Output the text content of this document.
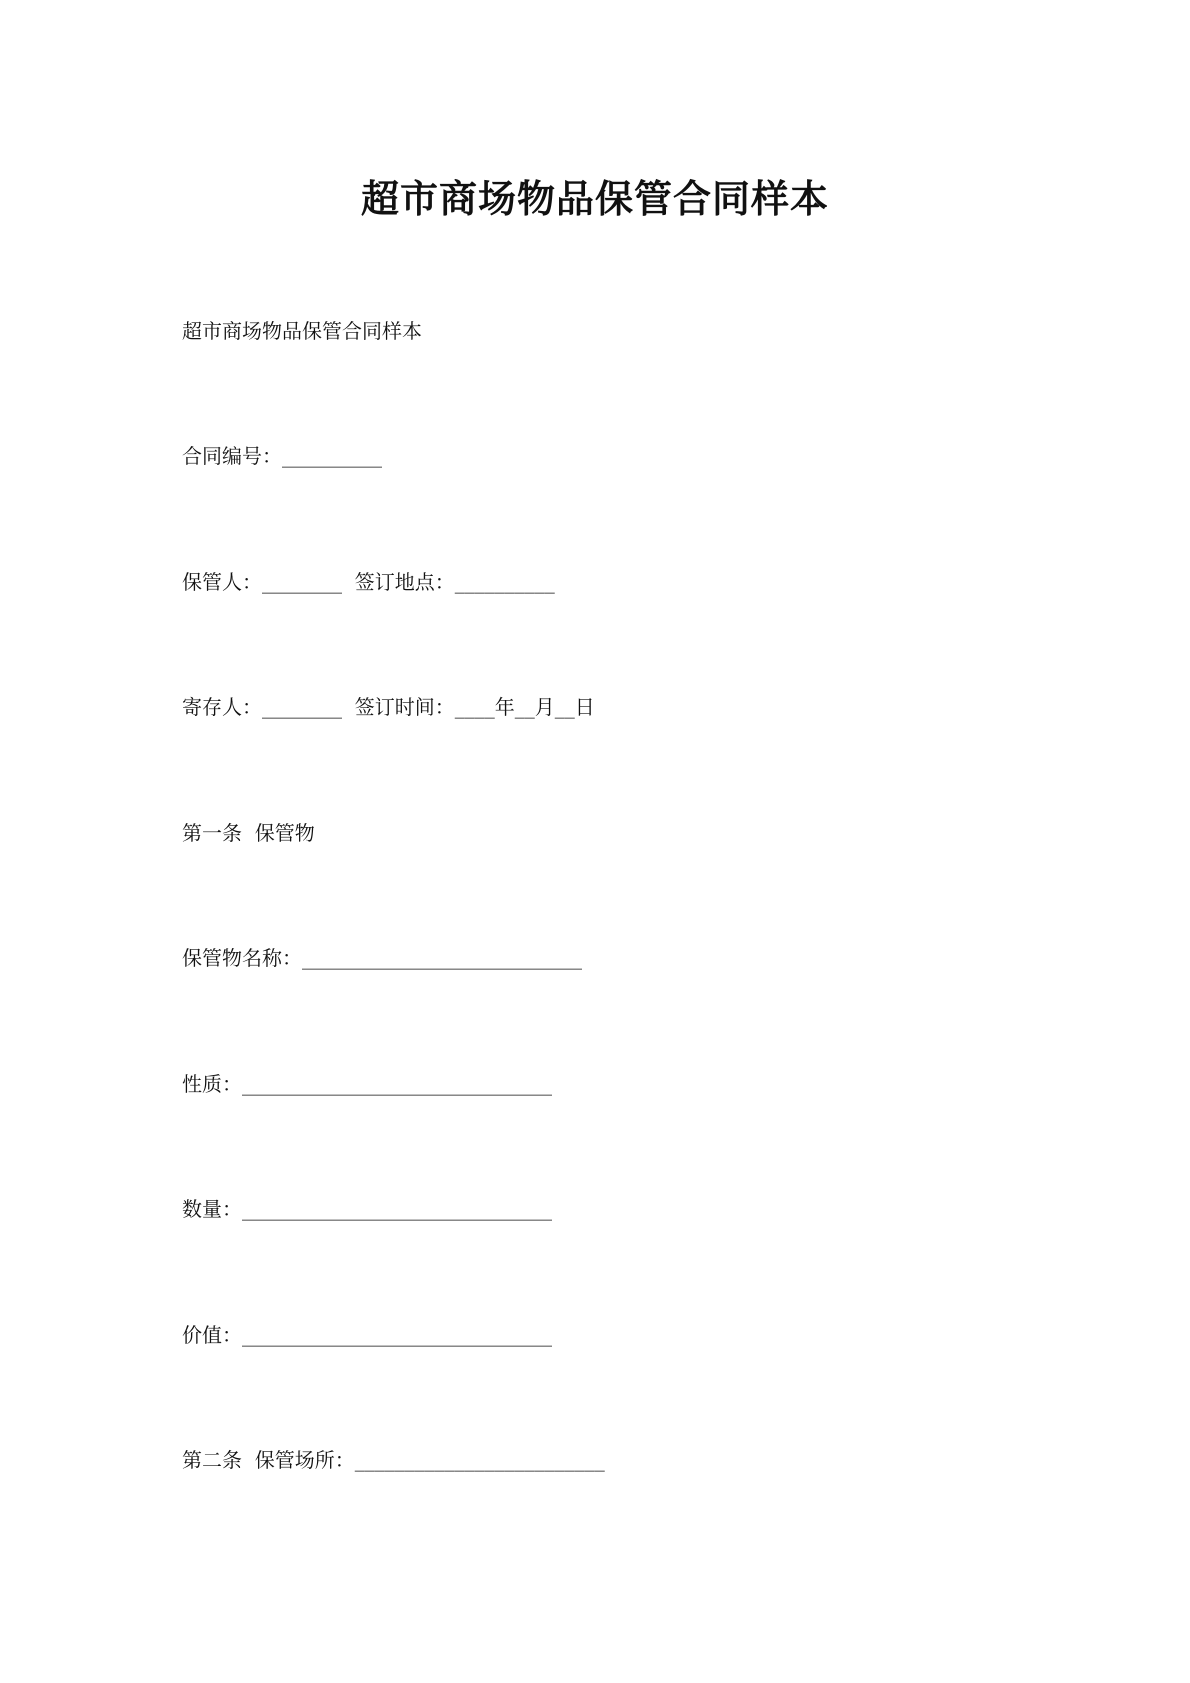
超市商场物品保管合同样本

超市商场物品保管合同样本

合同编号：__________

保管人：________  签订地点：__________

寄存人：________  签订时间：____年__月__日

第一条  保管物

保管物名称：____________________________

性质：_______________________________

数量：_______________________________

价值：_______________________________

第二条  保管场所：_________________________
